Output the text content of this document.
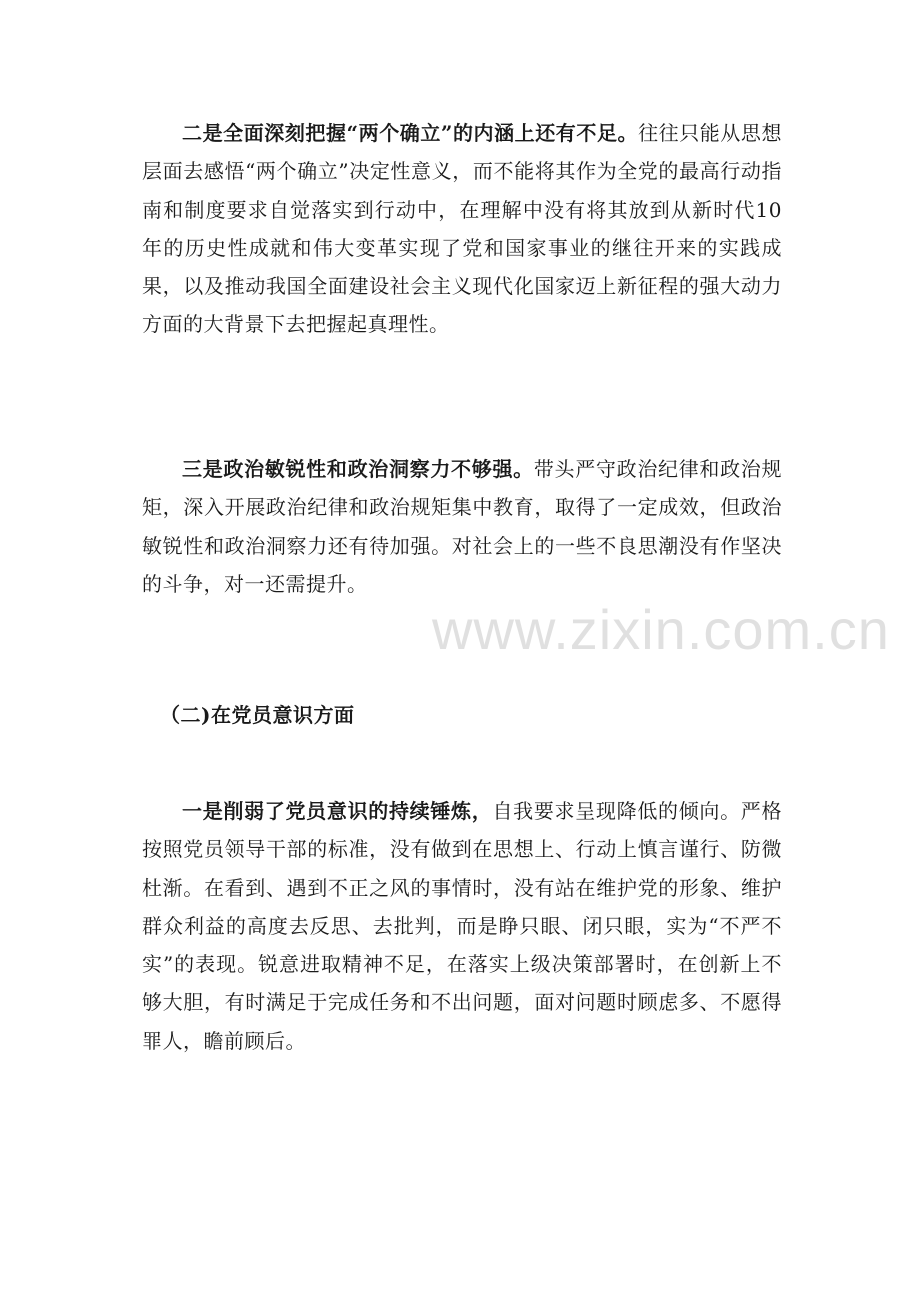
二是全面深刻把握“两个确立”的内涵上还有不足。往往只能从思想层面去感悟“两个确立”决定性意义，而不能将其作为全党的最高行动指南和制度要求自觉落实到行动中，在理解中没有将其放到从新时代10年的历史性成就和伟大变革实现了党和国家事业的继往开来的实践成果，以及推动我国全面建设社会主义现代化国家迈上新征程的强大动力方面的大背景下去把握起真理性。

三是政治敏锐性和政治洞察力不够强。带头严守政治纪律和政治规矩，深入开展政治纪律和政治规矩集中教育，取得了一定成效，但政治敏锐性和政治洞察力还有待加强。对社会上的一些不良思潮没有作坚决的斗争，对一还需提升。

（二)在党员意识方面

一是削弱了党员意识的持续锤炼，自我要求呈现降低的倾向。严格按照党员领导干部的标准，没有做到在思想上、行动上慎言谨行、防微杜渐。在看到、遇到不正之风的事情时，没有站在维护党的形象、维护群众利益的高度去反思、去批判，而是睁只眼、闭只眼，实为“不严不实”的表现。锐意进取精神不足，在落实上级决策部署时，在创新上不够大胆，有时满足于完成任务和不出问题，面对问题时顾虑多、不愿得罪人，瞻前顾后。

www.zixin.com.cn
